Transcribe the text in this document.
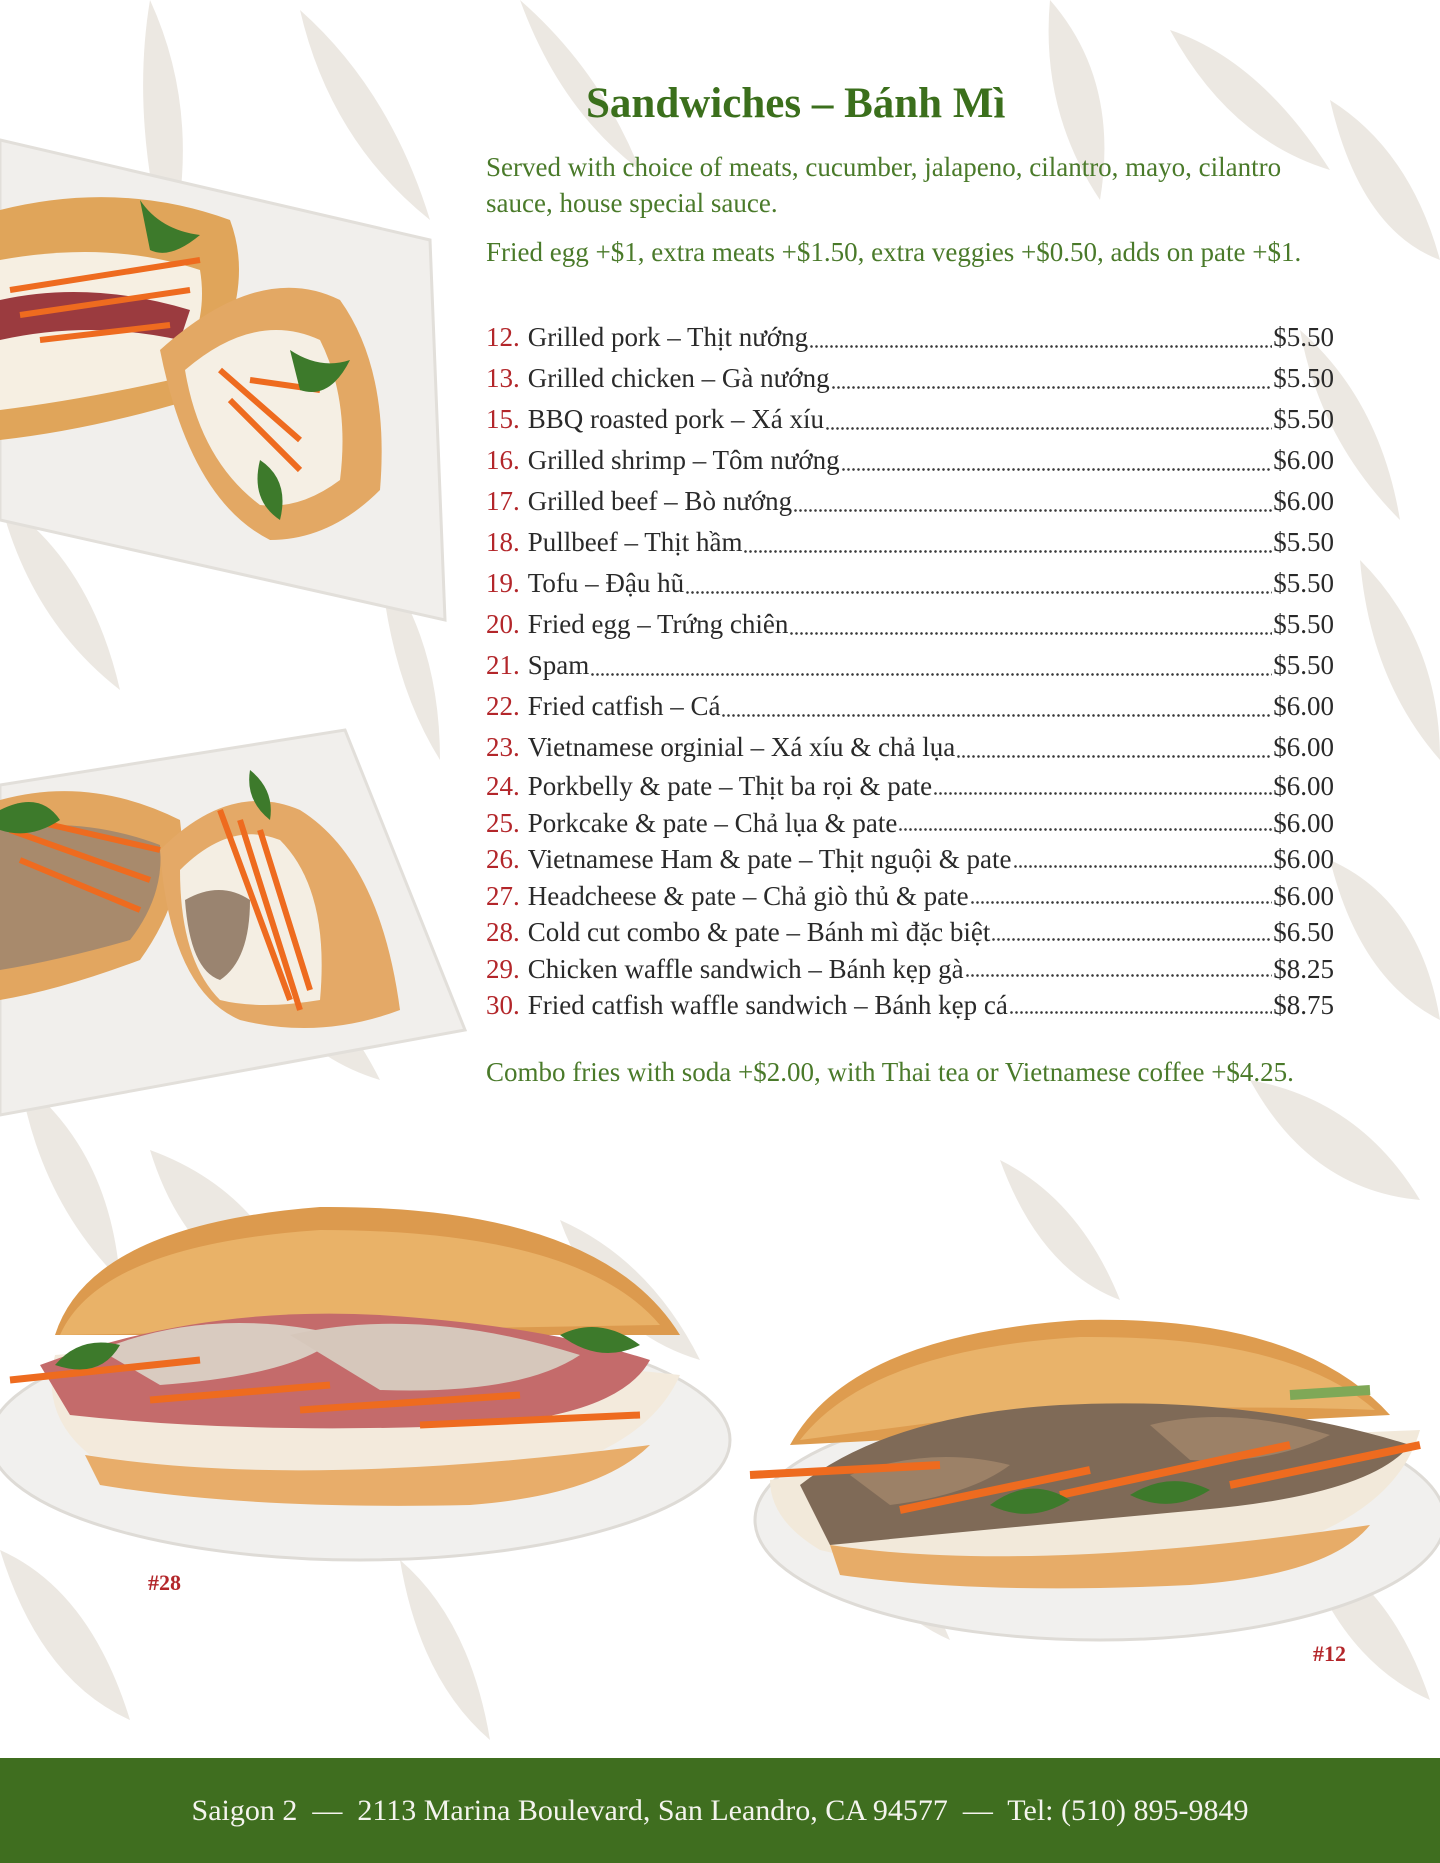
Sandwiches – Bánh Mì

Served with choice of meats, cucumber, jalapeno, cilantro, mayo, cilantro sauce, house special sauce.

Fried egg +$1, extra meats +$1.50, extra veggies +$0.50, adds on pate +$1.

12. Grilled pork – Thịt nướng	$5.50
13. Grilled chicken – Gà nướng	$5.50
15. BBQ roasted pork – Xá xíu	$5.50
16. Grilled shrimp – Tôm nướng	$6.00
17. Grilled beef – Bò nướng	$6.00
18. Pullbeef – Thịt hầm	$5.50
19. Tofu – Đậu hũ	$5.50
20. Fried egg – Trứng chiên	$5.50
21. Spam	$5.50
22. Fried catfish – Cá	$6.00
23. Vietnamese orginial – Xá xíu & chả lụa	$6.00
24. Porkbelly & pate – Thịt ba rọi & pate	$6.00
25. Porkcake & pate – Chả lụa & pate	$6.00
26. Vietnamese Ham & pate – Thịt nguội & pate	$6.00
27. Headcheese & pate – Chả giò thủ & pate	$6.00
28. Cold cut combo & pate – Bánh mì đặc biệt	$6.50
29. Chicken waffle sandwich – Bánh kẹp gà	$8.25
30. Fried catfish waffle sandwich – Bánh kẹp cá	$8.75

Combo fries with soda +$2.00, with Thai tea or Vietnamese coffee +$4.25.

#28

#12

Saigon 2  —  2113 Marina Boulevard, San Leandro, CA 94577  —  Tel: (510) 895-9849
